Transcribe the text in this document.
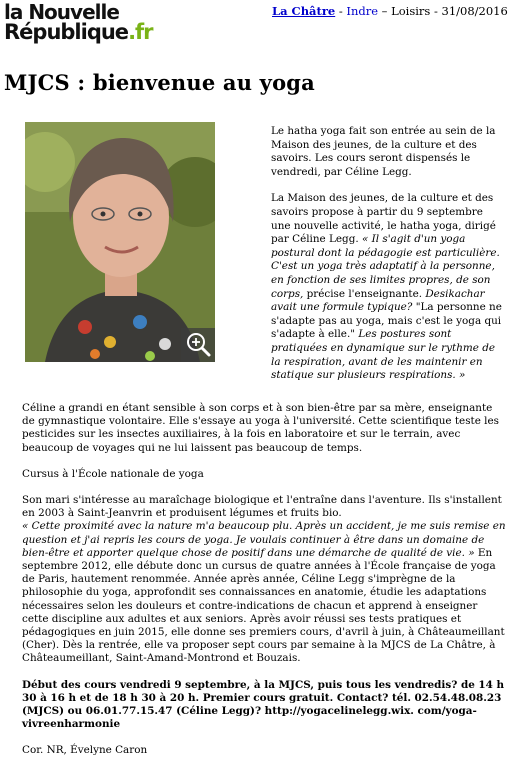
la Nouvelle
République.fr
La Châtre - Indre – Loisirs - 31/08/2016
MJCS : bienvenue au yoga

Le hatha yoga fait son entrée au sein de la Maison des jeunes, de la culture et des savoirs. Les cours seront dispensés le vendredi, par Céline Legg.

La Maison des jeunes, de la culture et des savoirs propose à partir du 9 septembre une nouvelle activité, le hatha yoga, dirigé par Céline Legg. « Il s'agit d'un yoga postural dont la pédagogie est particulière. C'est un yoga très adaptatif à la personne, en fonction de ses limites propres, de son corps, précise l'enseignante. Desikachar avait une formule typique? "La personne ne s'adapte pas au yoga, mais c'est le yoga qui s'adapte à elle." Les postures sont pratiquées en dynamique sur le rythme de la respiration, avant de les maintenir en statique sur plusieurs respirations. »

Céline a grandi en étant sensible à son corps et à son bien-être par sa mère, enseignante de gymnastique volontaire. Elle s'essaye au yoga à l'université. Cette scientifique teste les pesticides sur les insectes auxiliaires, à la fois en laboratoire et sur le terrain, avec beaucoup de voyages qui ne lui laissent pas beaucoup de temps.

Cursus à l'École nationale de yoga

Son mari s'intéresse au maraîchage biologique et l'entraîne dans l'aventure. Ils s'installent en 2003 à Saint-Jeanvrin et produisent légumes et fruits bio.
« Cette proximité avec la nature m'a beaucoup plu. Après un accident, je me suis remise en question et j'ai repris les cours de yoga. Je voulais continuer à être dans un domaine de bien-être et apporter quelque chose de positif dans une démarche de qualité de vie. » En septembre 2012, elle débute donc un cursus de quatre années à l'École française de yoga de Paris, hautement renommée. Année après année, Céline Legg s'imprègne de la philosophie du yoga, approfondit ses connaissances en anatomie, étudie les adaptations nécessaires selon les douleurs et contre-indications de chacun et apprend à enseigner cette discipline aux adultes et aux seniors. Après avoir réussi ses tests pratiques et pédagogiques en juin 2015, elle donne ses premiers cours, d'avril à juin, à Châteaumeillant (Cher). Dès la rentrée, elle va proposer sept cours par semaine à la MJCS de La Châtre, à Châteaumeillant, Saint-Amand-Montrond et Bouzais.

Début des cours vendredi 9 septembre, à la MJCS, puis tous les vendredis? de 14 h 30 à 16 h et de 18 h 30 à 20 h. Premier cours gratuit. Contact? tél. 02.54.48.08.23 (MJCS) ou 06.01.77.15.47 (Céline Legg)? http://yogacelinelegg.wix. com/yoga-vivreenharmonie

Cor. NR, Évelyne Caron
